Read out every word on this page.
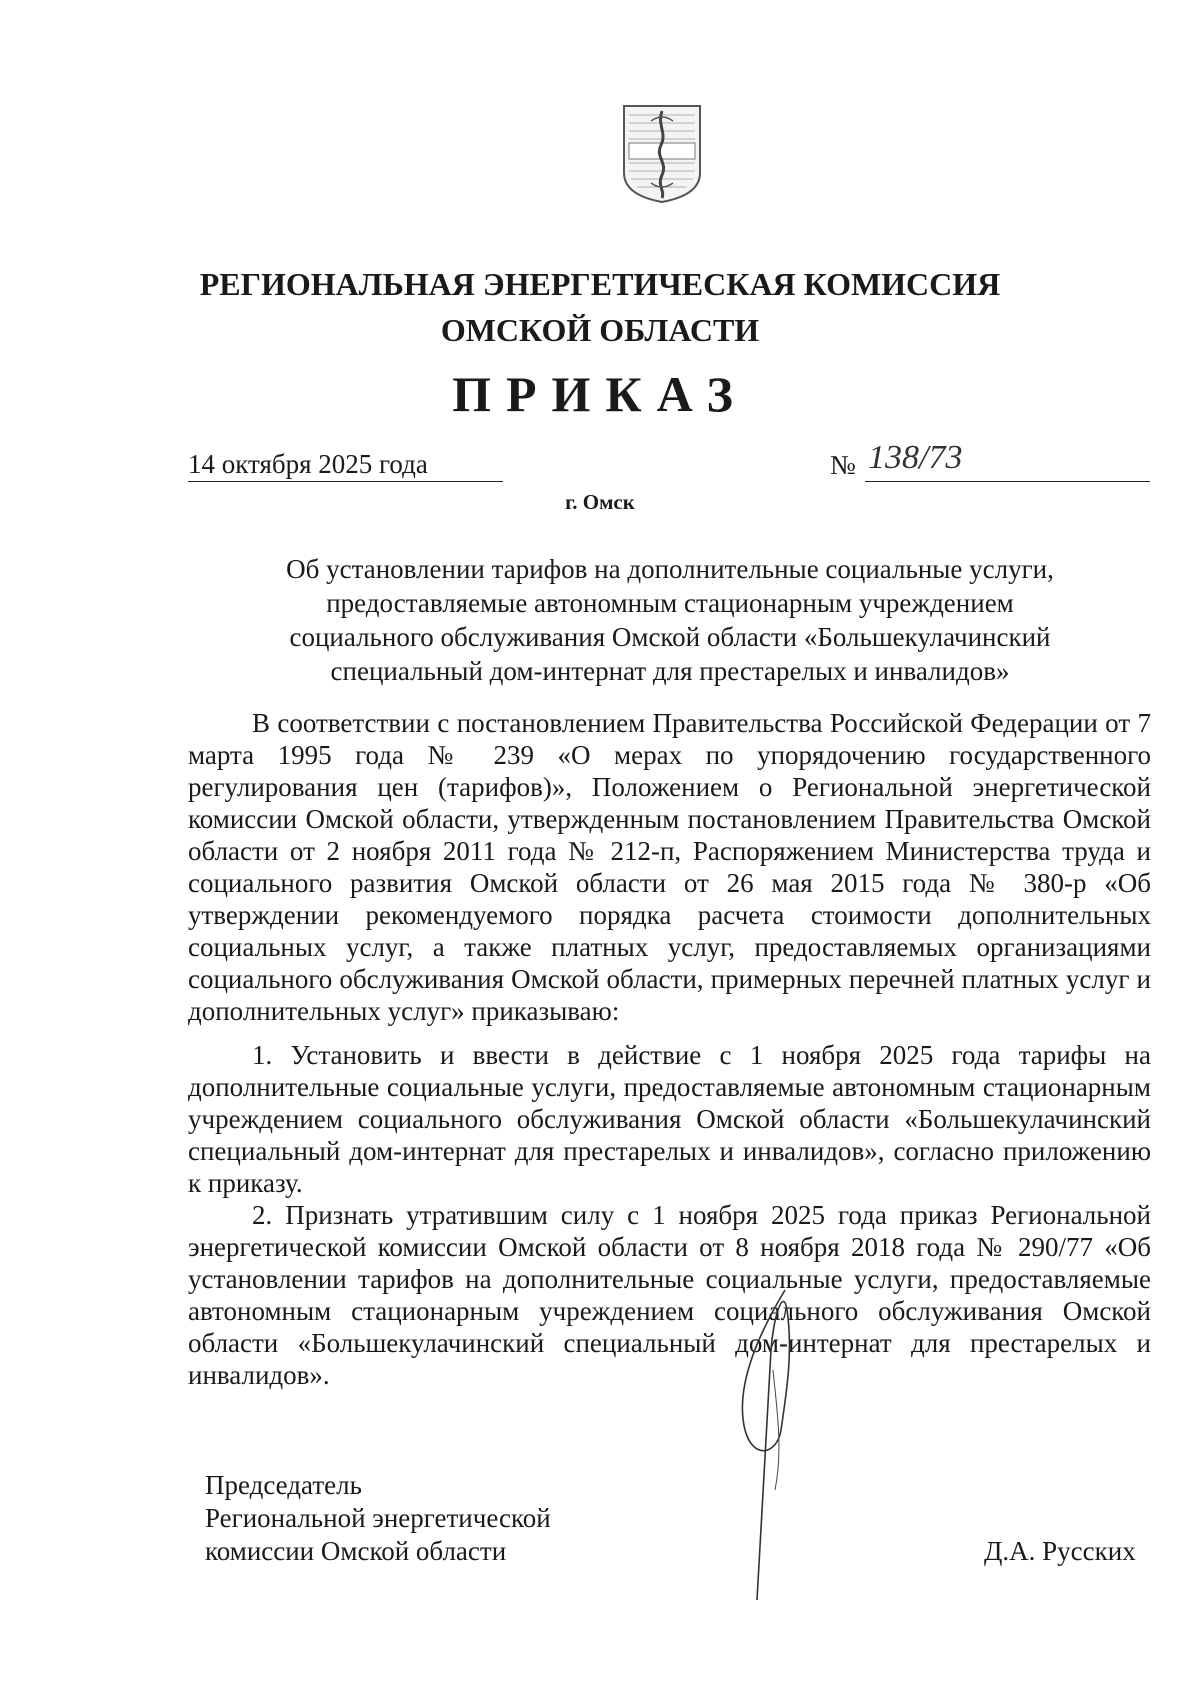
РЕГИОНАЛЬНАЯ ЭНЕРГЕТИЧЕСКАЯ КОМИССИЯ
ОМСКОЙ ОБЛАСТИ
ПРИКАЗ
14 октября 2025 года	№ 138/73
г. Омск
Об установлении тарифов на дополнительные социальные услуги,
предоставляемые автономным стационарным учреждением
социального обслуживания Омской области «Большекулачинский
специальный дом-интернат для престарелых и инвалидов»
В соответствии с постановлением Правительства Российской Федерации от 7 марта 1995 года № 239 «О мерах по упорядочению государственного регулирования цен (тарифов)», Положением о Региональной энергетической комиссии Омской области, утвержденным постановлением Правительства Омской области от 2 ноября 2011 года № 212-п, Распоряжением Министерства труда и социального развития Омской области от 26 мая 2015 года № 380-р «Об утверждении рекомендуемого порядка расчета стоимости дополнительных социальных услуг, а также платных услуг, предоставляемых организациями социального обслуживания Омской области, примерных перечней платных услуг и дополнительных услуг» приказываю:
1. Установить и ввести в действие с 1 ноября 2025 года тарифы на дополнительные социальные услуги, предоставляемые автономным стационарным учреждением социального обслуживания Омской области «Большекулачинский специальный дом-интернат для престарелых и инвалидов», согласно приложению к приказу.
2. Признать утратившим силу с 1 ноября 2025 года приказ Региональной энергетической комиссии Омской области от 8 ноября 2018 года № 290/77 «Об установлении тарифов на дополнительные социальные услуги, предоставляемые автономным стационарным учреждением социального обслуживания Омской области «Большекулачинский специальный дом-интернат для престарелых и инвалидов».
Председатель
Региональной энергетической
комиссии Омской области	Д.А. Русских
